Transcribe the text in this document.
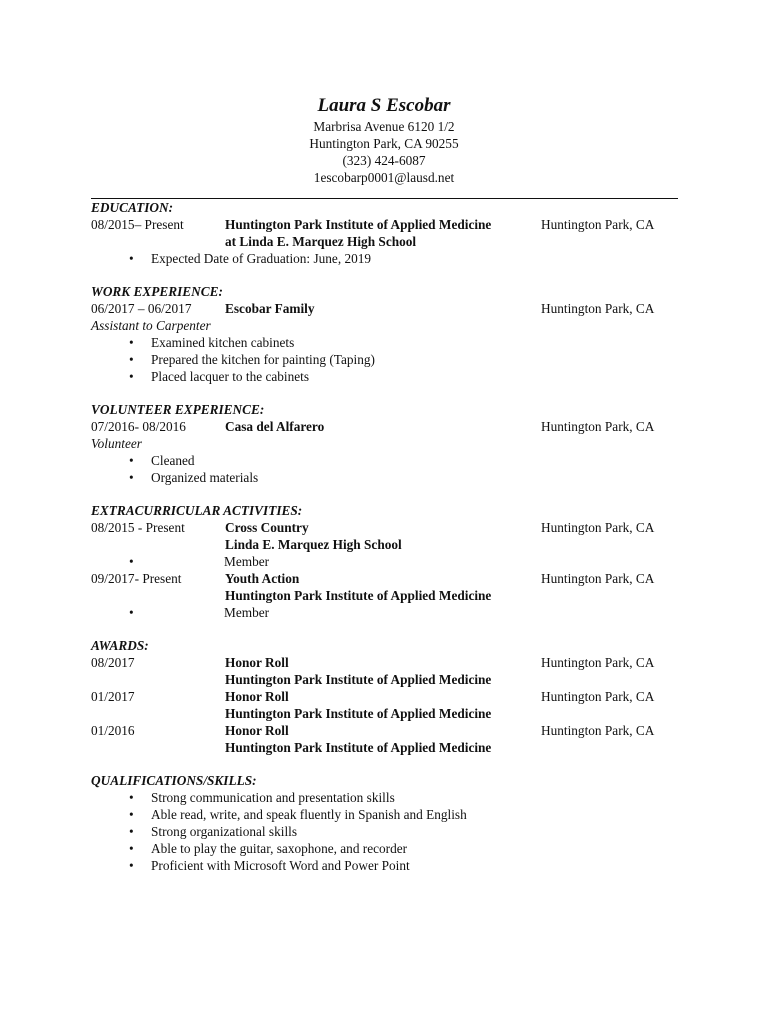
Laura S Escobar
Marbrisa Avenue 6120 1/2
Huntington Park, CA 90255
(323) 424-6087
1escobarp0001@lausd.net
EDUCATION:
08/2015– Present	Huntington Park Institute of Applied Medicine	Huntington Park, CA
at Linda E. Marquez High School
• Expected Date of Graduation: June, 2019
WORK EXPERIENCE:
06/2017 – 06/2017	Escobar Family	Huntington Park, CA
Assistant to Carpenter
• Examined kitchen cabinets
• Prepared the kitchen for painting (Taping)
• Placed lacquer to the cabinets
VOLUNTEER EXPERIENCE:
07/2016- 08/2016	Casa del Alfarero	Huntington Park, CA
Volunteer
• Cleaned
• Organized materials
EXTRACURRICULAR ACTIVITIES:
08/2015 - Present	Cross Country	Huntington Park, CA
Linda E. Marquez High School
•	Member
09/2017- Present	Youth Action	Huntington Park, CA
Huntington Park Institute of Applied Medicine
•	Member
AWARDS:
08/2017	Honor Roll	Huntington Park, CA
Huntington Park Institute of Applied Medicine
01/2017	Honor Roll	Huntington Park, CA
Huntington Park Institute of Applied Medicine
01/2016	Honor Roll	Huntington Park, CA
Huntington Park Institute of Applied Medicine
QUALIFICATIONS/SKILLS:
• Strong communication and presentation skills
• Able read, write, and speak fluently in Spanish and English
• Strong organizational skills
• Able to play the guitar, saxophone, and recorder
• Proficient with Microsoft Word and Power Point
